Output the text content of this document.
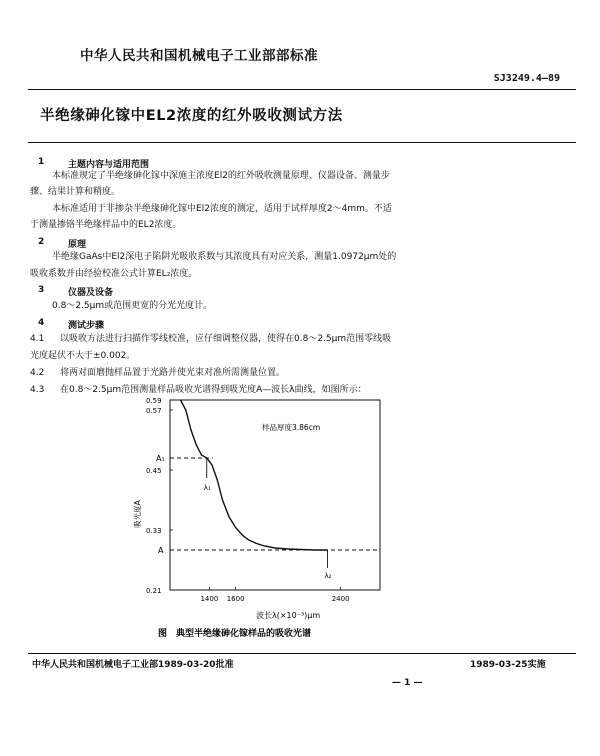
中华人民共和国机械电子工业部部标准
SJ3249.4—89
半绝缘砷化镓中EL2浓度的红外吸收测试方法
1	主题内容与适用范围
本标准规定了半绝缘砷化镓中深施主浓度El2的红外吸收测量原理、仪器设备、测量步
骤、结果计算和精度。
本标准适用于非掺杂半绝缘砷化镓中El2浓度的测定，适用于试样厚度2～4mm。不适
于测量掺铬半绝缘样品中的EL2浓度。
2	原理
半绝缘GaAs中El2深电子陷阱光吸收系数与其浓度具有对应关系，测量1.0972μm处的
吸收系数并由经验校准公式计算EL₂浓度。
3	仪器及设备
0.8～2.5μm或范围更宽的分光光度计。
4	测试步骤
4.1 以吸收方法进行扫描作零线校准，应仔细调整仪器，使得在0.8～2.5μm范围零线吸
光度起伏不大于±0.002。
4.2 将两对面磨抛样品置于光路并使光束对准所需测量位置。
4.3 在0.8～2.5μm范围测量样品吸收光谱得到吸光度A—波长λ曲线，如图所示：
0.59
0.57
0.45
0.33
0.21
1400 1600	2400
A₁
A
λ₁
λ₂
样品厚度3.86cm
吸光度A
波长λ(×10⁻³)μm
图　典型半绝缘砷化镓样品的吸收光谱
中华人民共和国机械电子工业部1989-03-20批准	1989-03-25实施
— 1 —
